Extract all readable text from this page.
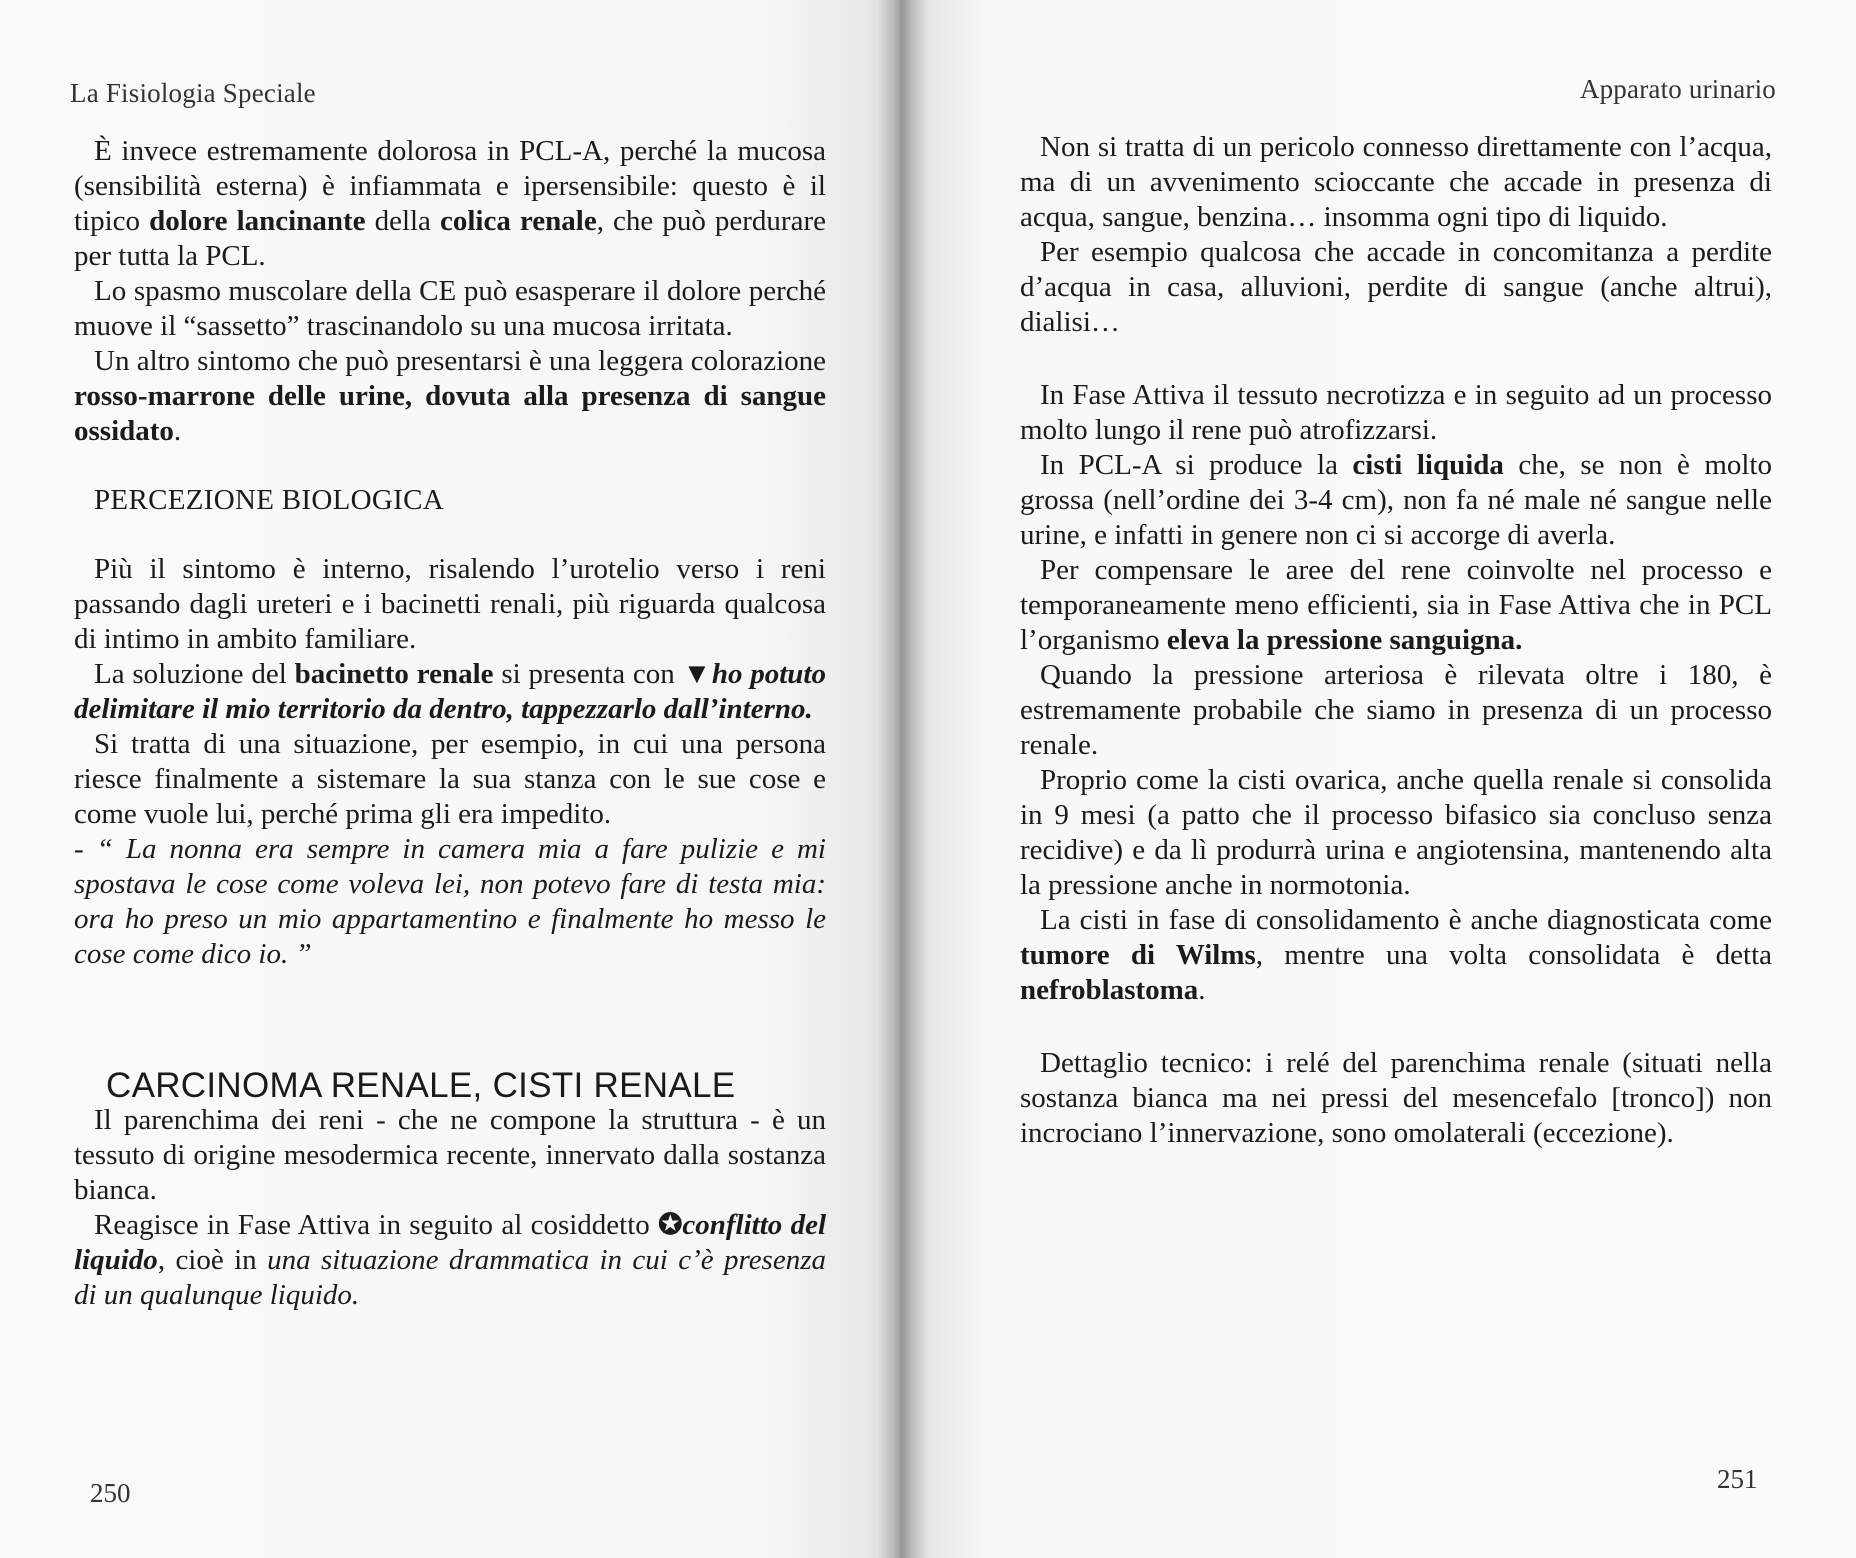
La Fisiologia Speciale

È invece estremamente dolorosa in PCL-A, perché la mucosa (sensibilità esterna) è infiammata e ipersensibile: questo è il tipico dolore lancinante della colica renale, che può perdurare per tutta la PCL.

Lo spasmo muscolare della CE può esasperare il dolore perché muove il “sassetto” trascinandolo su una mucosa irritata.

Un altro sintomo che può presentarsi è una leggera colorazione rosso-marrone delle urine, dovuta alla presenza di sangue ossidato.

PERCEZIONE BIOLOGICA

Più il sintomo è interno, risalendo l’urotelio verso i reni passando dagli ureteri e i bacinetti renali, più riguarda qualcosa di intimo in ambito familiare.

La soluzione del bacinetto renale si presenta con ▼ho potuto delimitare il mio territorio da dentro, tappezzarlo dall’interno.

Si tratta di una situazione, per esempio, in cui una persona riesce finalmente a sistemare la sua stanza con le sue cose e come vuole lui, perché prima gli era impedito.

- “ La nonna era sempre in camera mia a fare pulizie e mi spostava le cose come voleva lei, non potevo fare di testa mia: ora ho preso un mio appartamentino e finalmente ho messo le cose come dico io. ”

CARCINOMA RENALE, CISTI RENALE

Il parenchima dei reni - che ne compone la struttura - è un tessuto di origine mesodermica recente, innervato dalla sostanza bianca.

Reagisce in Fase Attiva in seguito al cosiddetto ✪conflitto del liquido, cioè in una situazione drammatica in cui c’è presenza di un qualunque liquido.

250
Apparato urinario

Non si tratta di un pericolo connesso direttamente con l’acqua, ma di un avvenimento scioccante che accade in presenza di acqua, sangue, benzina… insomma ogni tipo di liquido.

Per esempio qualcosa che accade in concomitanza a perdite d’acqua in casa, alluvioni, perdite di sangue (anche altrui), dialisi…

In Fase Attiva il tessuto necrotizza e in seguito ad un processo molto lungo il rene può atrofizzarsi.

In PCL-A si produce la cisti liquida che, se non è molto grossa (nell’ordine dei 3-4 cm), non fa né male né sangue nelle urine, e infatti in genere non ci si accorge di averla.

Per compensare le aree del rene coinvolte nel processo e temporaneamente meno efficienti, sia in Fase Attiva che in PCL l’organismo eleva la pressione sanguigna.

Quando la pressione arteriosa è rilevata oltre i 180, è estremamente probabile che siamo in presenza di un processo renale.

Proprio come la cisti ovarica, anche quella renale si consolida in 9 mesi (a patto che il processo bifasico sia concluso senza recidive) e da lì produrrà urina e angiotensina, mantenendo alta la pressione anche in normotonia.

La cisti in fase di consolidamento è anche diagnosticata come tumore di Wilms, mentre una volta consolidata è detta nefroblastoma.

Dettaglio tecnico: i relé del parenchima renale (situati nella sostanza bianca ma nei pressi del mesencefalo [tronco]) non incrociano l’innervazione, sono omolaterali (eccezione).

251
